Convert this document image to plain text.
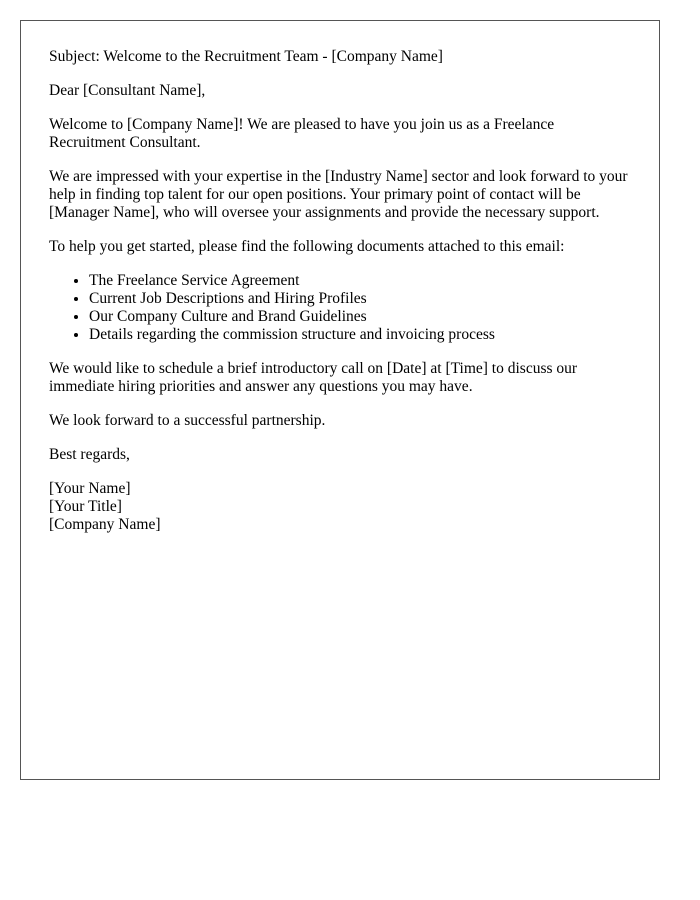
Subject: Welcome to the Recruitment Team - [Company Name]

Dear [Consultant Name],

Welcome to [Company Name]! We are pleased to have you join us as a Freelance Recruitment Consultant.

We are impressed with your expertise in the [Industry Name] sector and look forward to your help in finding top talent for our open positions. Your primary point of contact will be [Manager Name], who will oversee your assignments and provide the necessary support.

To help you get started, please find the following documents attached to this email:

• The Freelance Service Agreement
• Current Job Descriptions and Hiring Profiles
• Our Company Culture and Brand Guidelines
• Details regarding the commission structure and invoicing process

We would like to schedule a brief introductory call on [Date] at [Time] to discuss our immediate hiring priorities and answer any questions you may have.

We look forward to a successful partnership.

Best regards,

[Your Name]
[Your Title]
[Company Name]
